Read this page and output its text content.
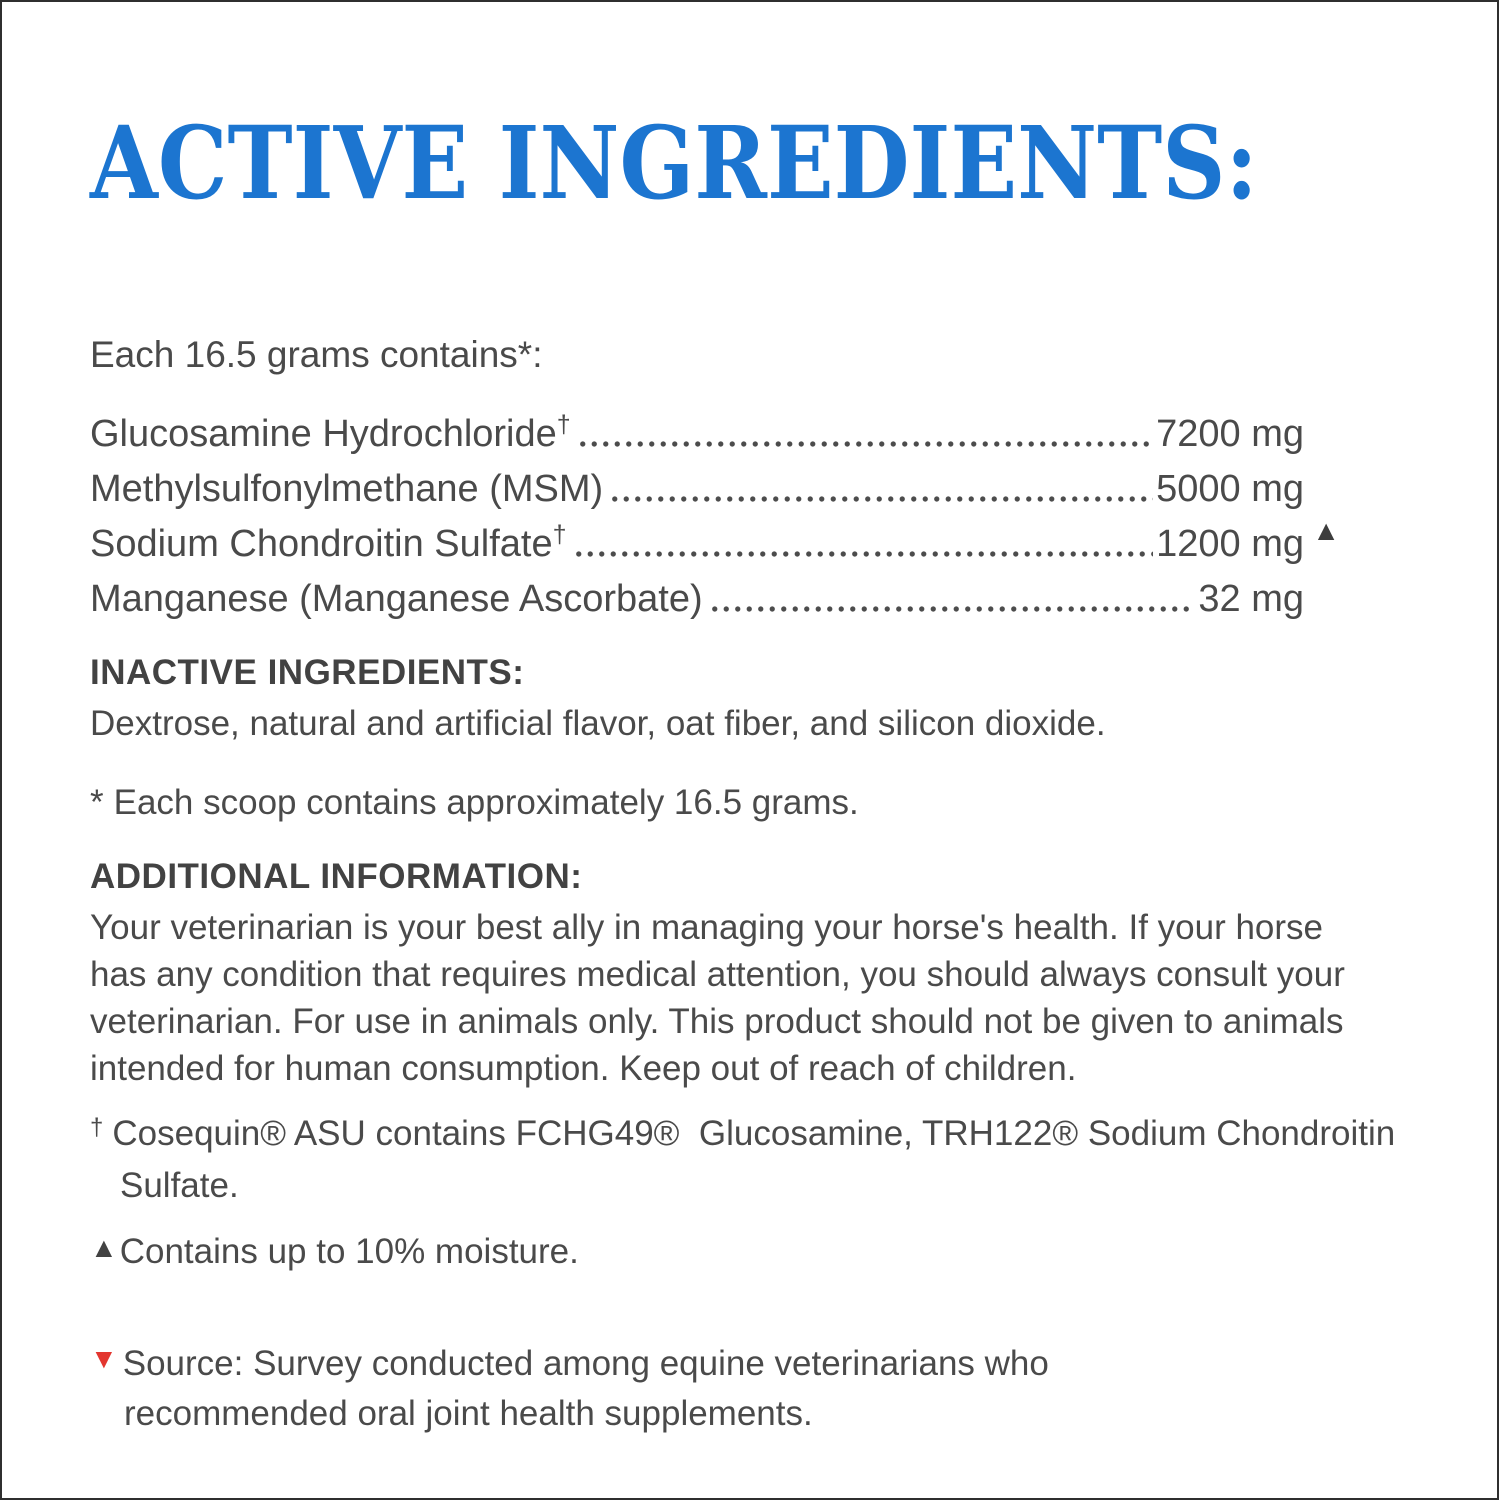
ACTIVE INGREDIENTS:

Each 16.5 grams contains*:

Glucosamine Hydrochloride†	7200 mg
Methylsulfonylmethane (MSM)	5000 mg
Sodium Chondroitin Sulfate†	1200 mg ▲
Manganese (Manganese Ascorbate)	32 mg
INACTIVE INGREDIENTS:

Dextrose, natural and artificial flavor, oat fiber, and silicon dioxide.

* Each scoop contains approximately 16.5 grams.

ADDITIONAL INFORMATION:

Your veterinarian is your best ally in managing your horse's health. If your horse has any condition that requires medical attention, you should always consult your veterinarian. For use in animals only. This product should not be given to animals intended for human consumption. Keep out of reach of children.

† Cosequin® ASU contains FCHG49®  Glucosamine, TRH122® Sodium Chondroitin Sulfate.

▲Contains up to 10% moisture.

▼ Source: Survey conducted among equine veterinarians who recommended oral joint health supplements.
